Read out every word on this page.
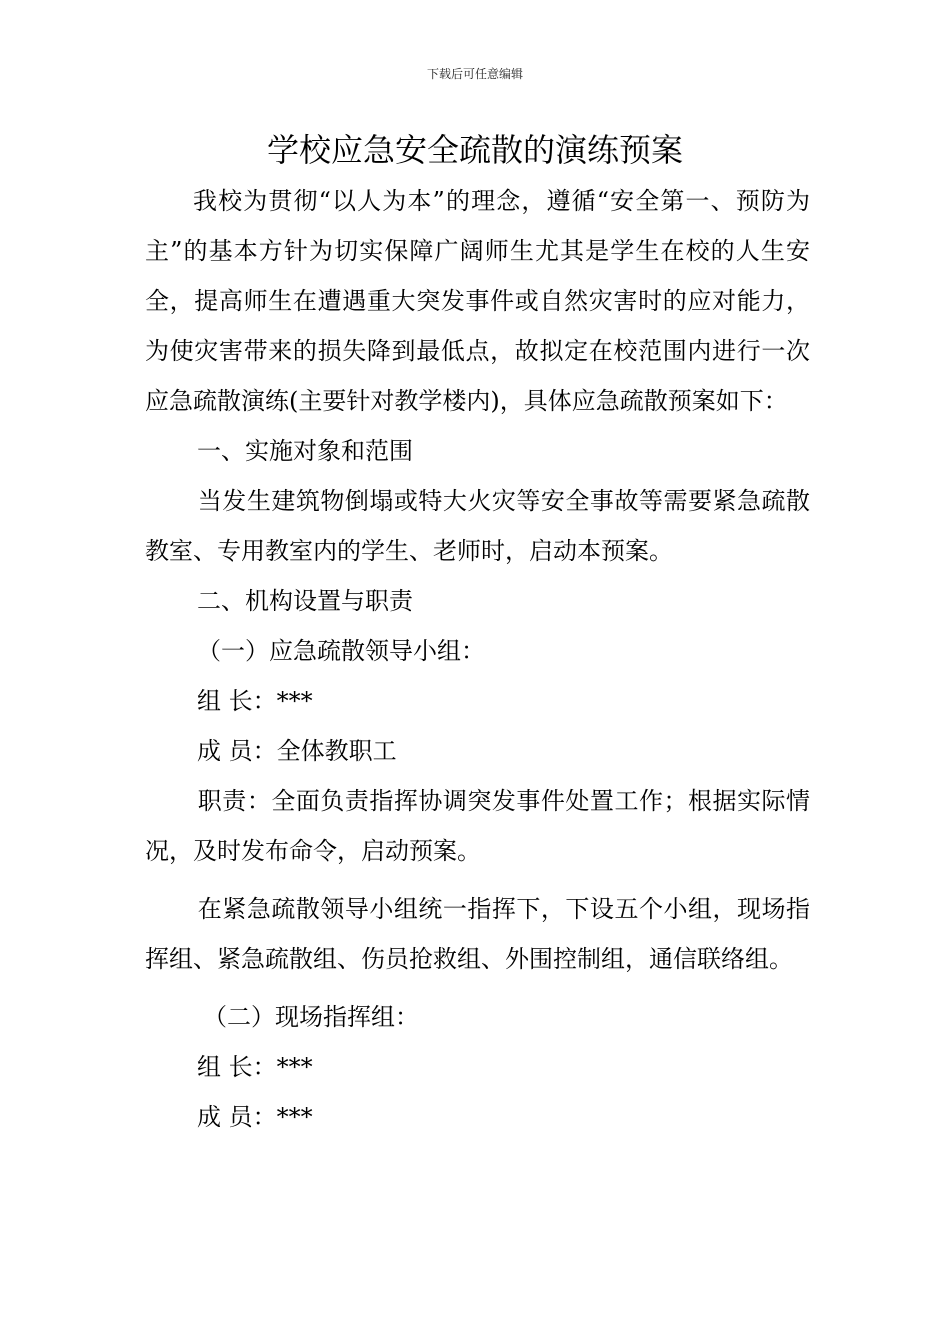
下载后可任意编辑
学校应急安全疏散的演练预案

我校为贯彻“以人为本”的理念，遵循“安全第一、预防为主”的基本方针为切实保障广阔师生尤其是学生在校的人生安全，提高师生在遭遇重大突发事件或自然灾害时的应对能力，为使灾害带来的损失降到最低点，故拟定在校范围内进行一次应急疏散演练(主要针对教学楼内)，具体应急疏散预案如下：

一、实施对象和范围

当发生建筑物倒塌或特大火灾等安全事故等需要紧急疏散教室、专用教室内的学生、老师时，启动本预案。

二、机构设置与职责

（一）应急疏散领导小组：

组 长：***

成 员：全体教职工

职责：全面负责指挥协调突发事件处置工作；根据实际情况，及时发布命令，启动预案。

在紧急疏散领导小组统一指挥下，下设五个小组，现场指挥组、紧急疏散组、伤员抢救组、外围控制组，通信联络组。

（二）现场指挥组：

组 长：***

成 员：***
